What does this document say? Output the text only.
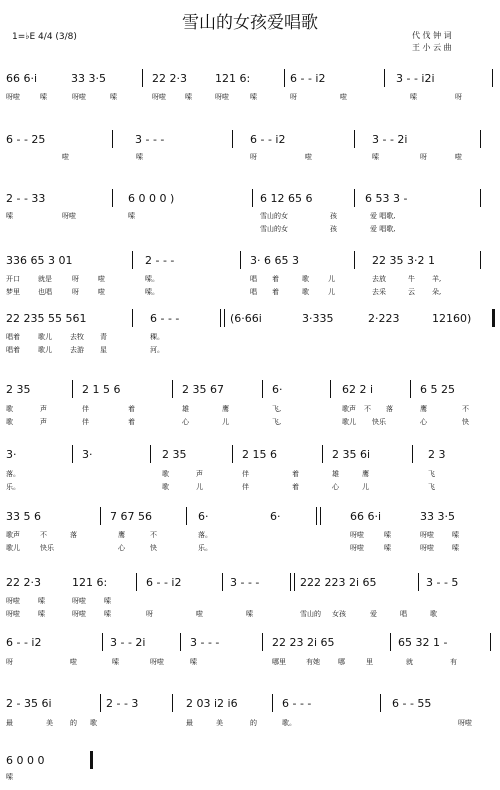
雪山的女孩爱唱歌
代 伐 钟 词
王 小 云 曲
1=♭E 4/4 (3/8)
66 6·i	33 3·5	22 2·3	121 6:	6 - - i2	3 - - i2i
呀啦	嗦	呀啦	嗦	呀啦	嗦	呀啦	嗦	呀	啦	嗦	呀
6 - - 25	3 - - -	6 - - i2	3 - - 2i
啦	嗦	呀	啦	嗦	呀	啦
2 - - 33	6 0 0 0 )	6 12 65 6	6 53 3 -
嗦	呀啦	嗦	雪山的女	孩	爱 唱歌,
雪山的女	孩	爱 唱歌,
336 65 3 01	2 - - -	3· 6 65 3	22 35 3·2 1
开口	就是	呀	啦	嗦。	唱 着	歌	儿	去放	牛 羊,
梦里	也唱	呀	啦	嗦。	唱 着	歌	儿	去采	云 朵,
22 235 55 561	6 - - -	(6·66i	3·335	2·223	12160)
唱着	歌儿	去牧 青	稞。
唱着	歌儿	去游 星	河。
2 35	2 1 5 6	2 35 67	6·	62 2 i	6 5 25
歌	声	伴	着	雄	鹰	飞,	歌声 不 落	鹰	不
歌	声	伴	着	心	儿	飞,	歌儿 快乐	心	快
3·	3·	2 35	2 15 6	2 35 6i	2 3
落。	歌	声	伴	着	雄	鹰	飞
乐。	歌	儿	伴	着	心	儿	飞
33 5 6	7 67 56	6·	6·	66 6·i	33 3·5
歌声	不	落	鹰	不	落。	呀啦	嗦	呀啦	嗦
歌儿	快乐	心	快	乐。	呀啦	嗦	呀啦	嗦
22 2·3	121 6:	6 - - i2	3 - - -	222 223 2i 65	3 - - 5
呀啦	嗦	呀啦	嗦
呀啦	嗦	呀啦	嗦	呀	啦	嗦	雪山的 女孩	爱	唱	歌
6 - - i2	3 - - 2i	3 - - -	22 23 2i 65	65 32 1 -
呀	啦	嗦	呀啦	嗦	哪里	有她	哪	里	就	有
2 - 35 6i	2 - - 3	2 03 i2 i6	6 - - -	6 - - 55
最	美 的 歌	最	美	的	歌。	呀啦
6 0 0 0
嗦
